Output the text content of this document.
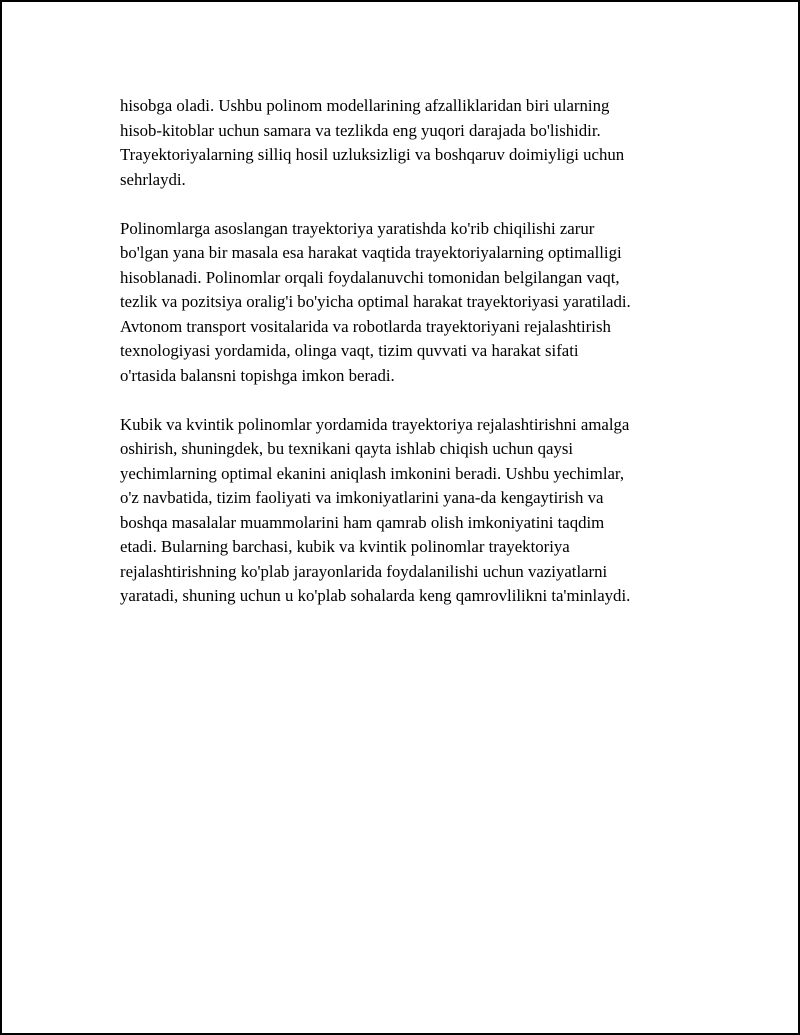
hisobga oladi. Ushbu polinom modellarining afzalliklaridan biri ularning
hisob-kitoblar uchun samara va tezlikda eng yuqori darajada bo'lishidir.
Trayektoriyalarning silliq hosil uzluksizligi va boshqaruv doimiyligi uchun
sehrlaydi.

Polinomlarga asoslangan trayektoriya yaratishda ko'rib chiqilishi zarur
bo'lgan yana bir masala esa harakat vaqtida trayektoriyalarning optimalligi
hisoblanadi. Polinomlar orqali foydalanuvchi tomonidan belgilangan vaqt,
tezlik va pozitsiya oralig'i bo'yicha optimal harakat trayektoriyasi yaratiladi.
Avtonom transport vositalarida va robotlarda trayektoriyani rejalashtirish
texnologiyasi yordamida, olinga vaqt, tizim quvvati va harakat sifati
o'rtasida balansni topishga imkon beradi.

Kubik va kvintik polinomlar yordamida trayektoriya rejalashtirishni amalga
oshirish, shuningdek, bu texnikani qayta ishlab chiqish uchun qaysi
yechimlarning optimal ekanini aniqlash imkonini beradi. Ushbu yechimlar,
o'z navbatida, tizim faoliyati va imkoniyatlarini yana-da kengaytirish va
boshqa masalalar muammolarini ham qamrab olish imkoniyatini taqdim
etadi. Bularning barchasi, kubik va kvintik polinomlar trayektoriya
rejalashtirishning ko'plab jarayonlarida foydalanilishi uchun vaziyatlarni
yaratadi, shuning uchun u ko'plab sohalarda keng qamrovlilikni ta'minlaydi.
